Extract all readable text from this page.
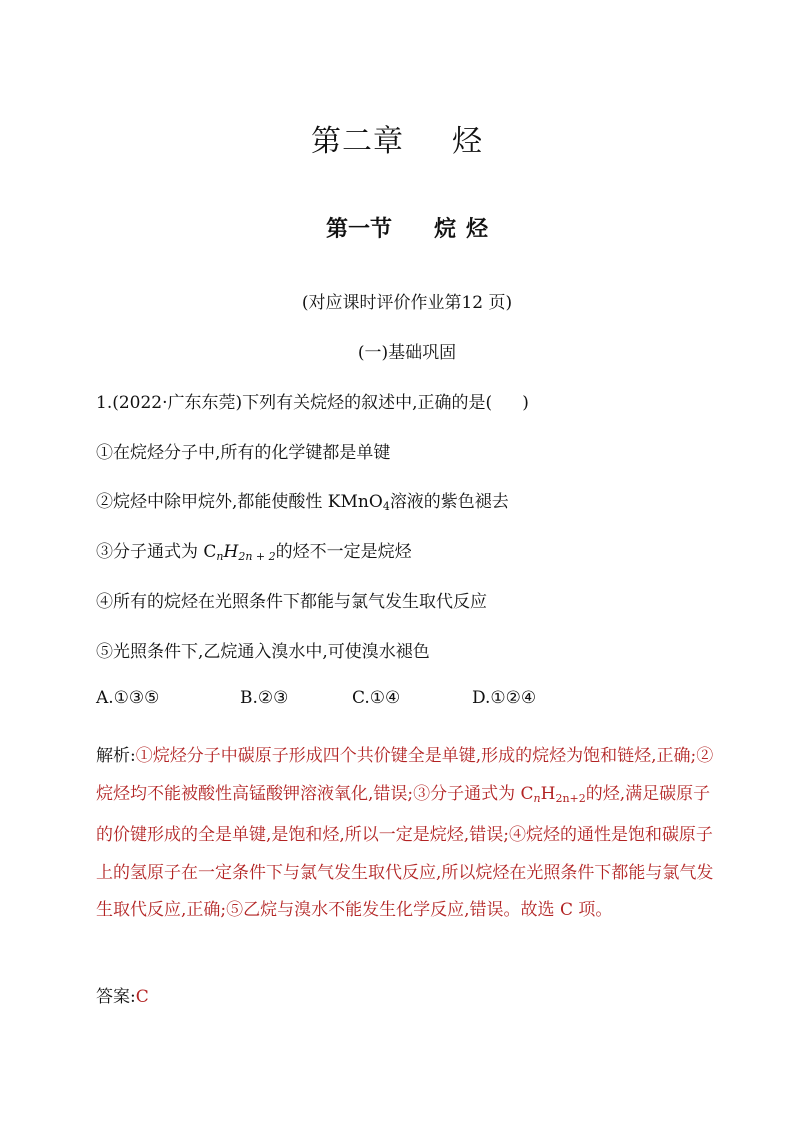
第二章 烃
第一节 烷 烃
(对应课时评价作业第12 页)
(一)基础巩固
1.(2022·广东东莞)下列有关烷烃的叙述中,正确的是( )
①在烷烃分子中,所有的化学键都是单键
②烷烃中除甲烷外,都能使酸性 KMnO$_4$溶液的紫色褪去
③分子通式为 $C_nH_{2n + 2}$的烃不一定是烷烃
④所有的烷烃在光照条件下都能与氯气发生取代反应
⑤光照条件下,乙烷通入溴水中,可使溴水褪色
A.①③⑤	B.②③	C.①④	D.①②④
解析:①烷烃分子中碳原子形成四个共价键全是单键,形成的烷烃为饱和链烃,正确;②烷烃均不能被酸性高锰酸钾溶液氧化,错误;③分子通式为 $C_nH_{2n+2}$的烃,满足碳原子的价键形成的全是单键,是饱和烃,所以一定是烷烃,错误;④烷烃的通性是饱和碳原子上的氢原子在一定条件下与氯气发生取代反应,所以烷烃在光照条件下都能与氯气发生取代反应,正确;⑤乙烷与溴水不能发生化学反应,错误。故选 C 项。
答案:C
